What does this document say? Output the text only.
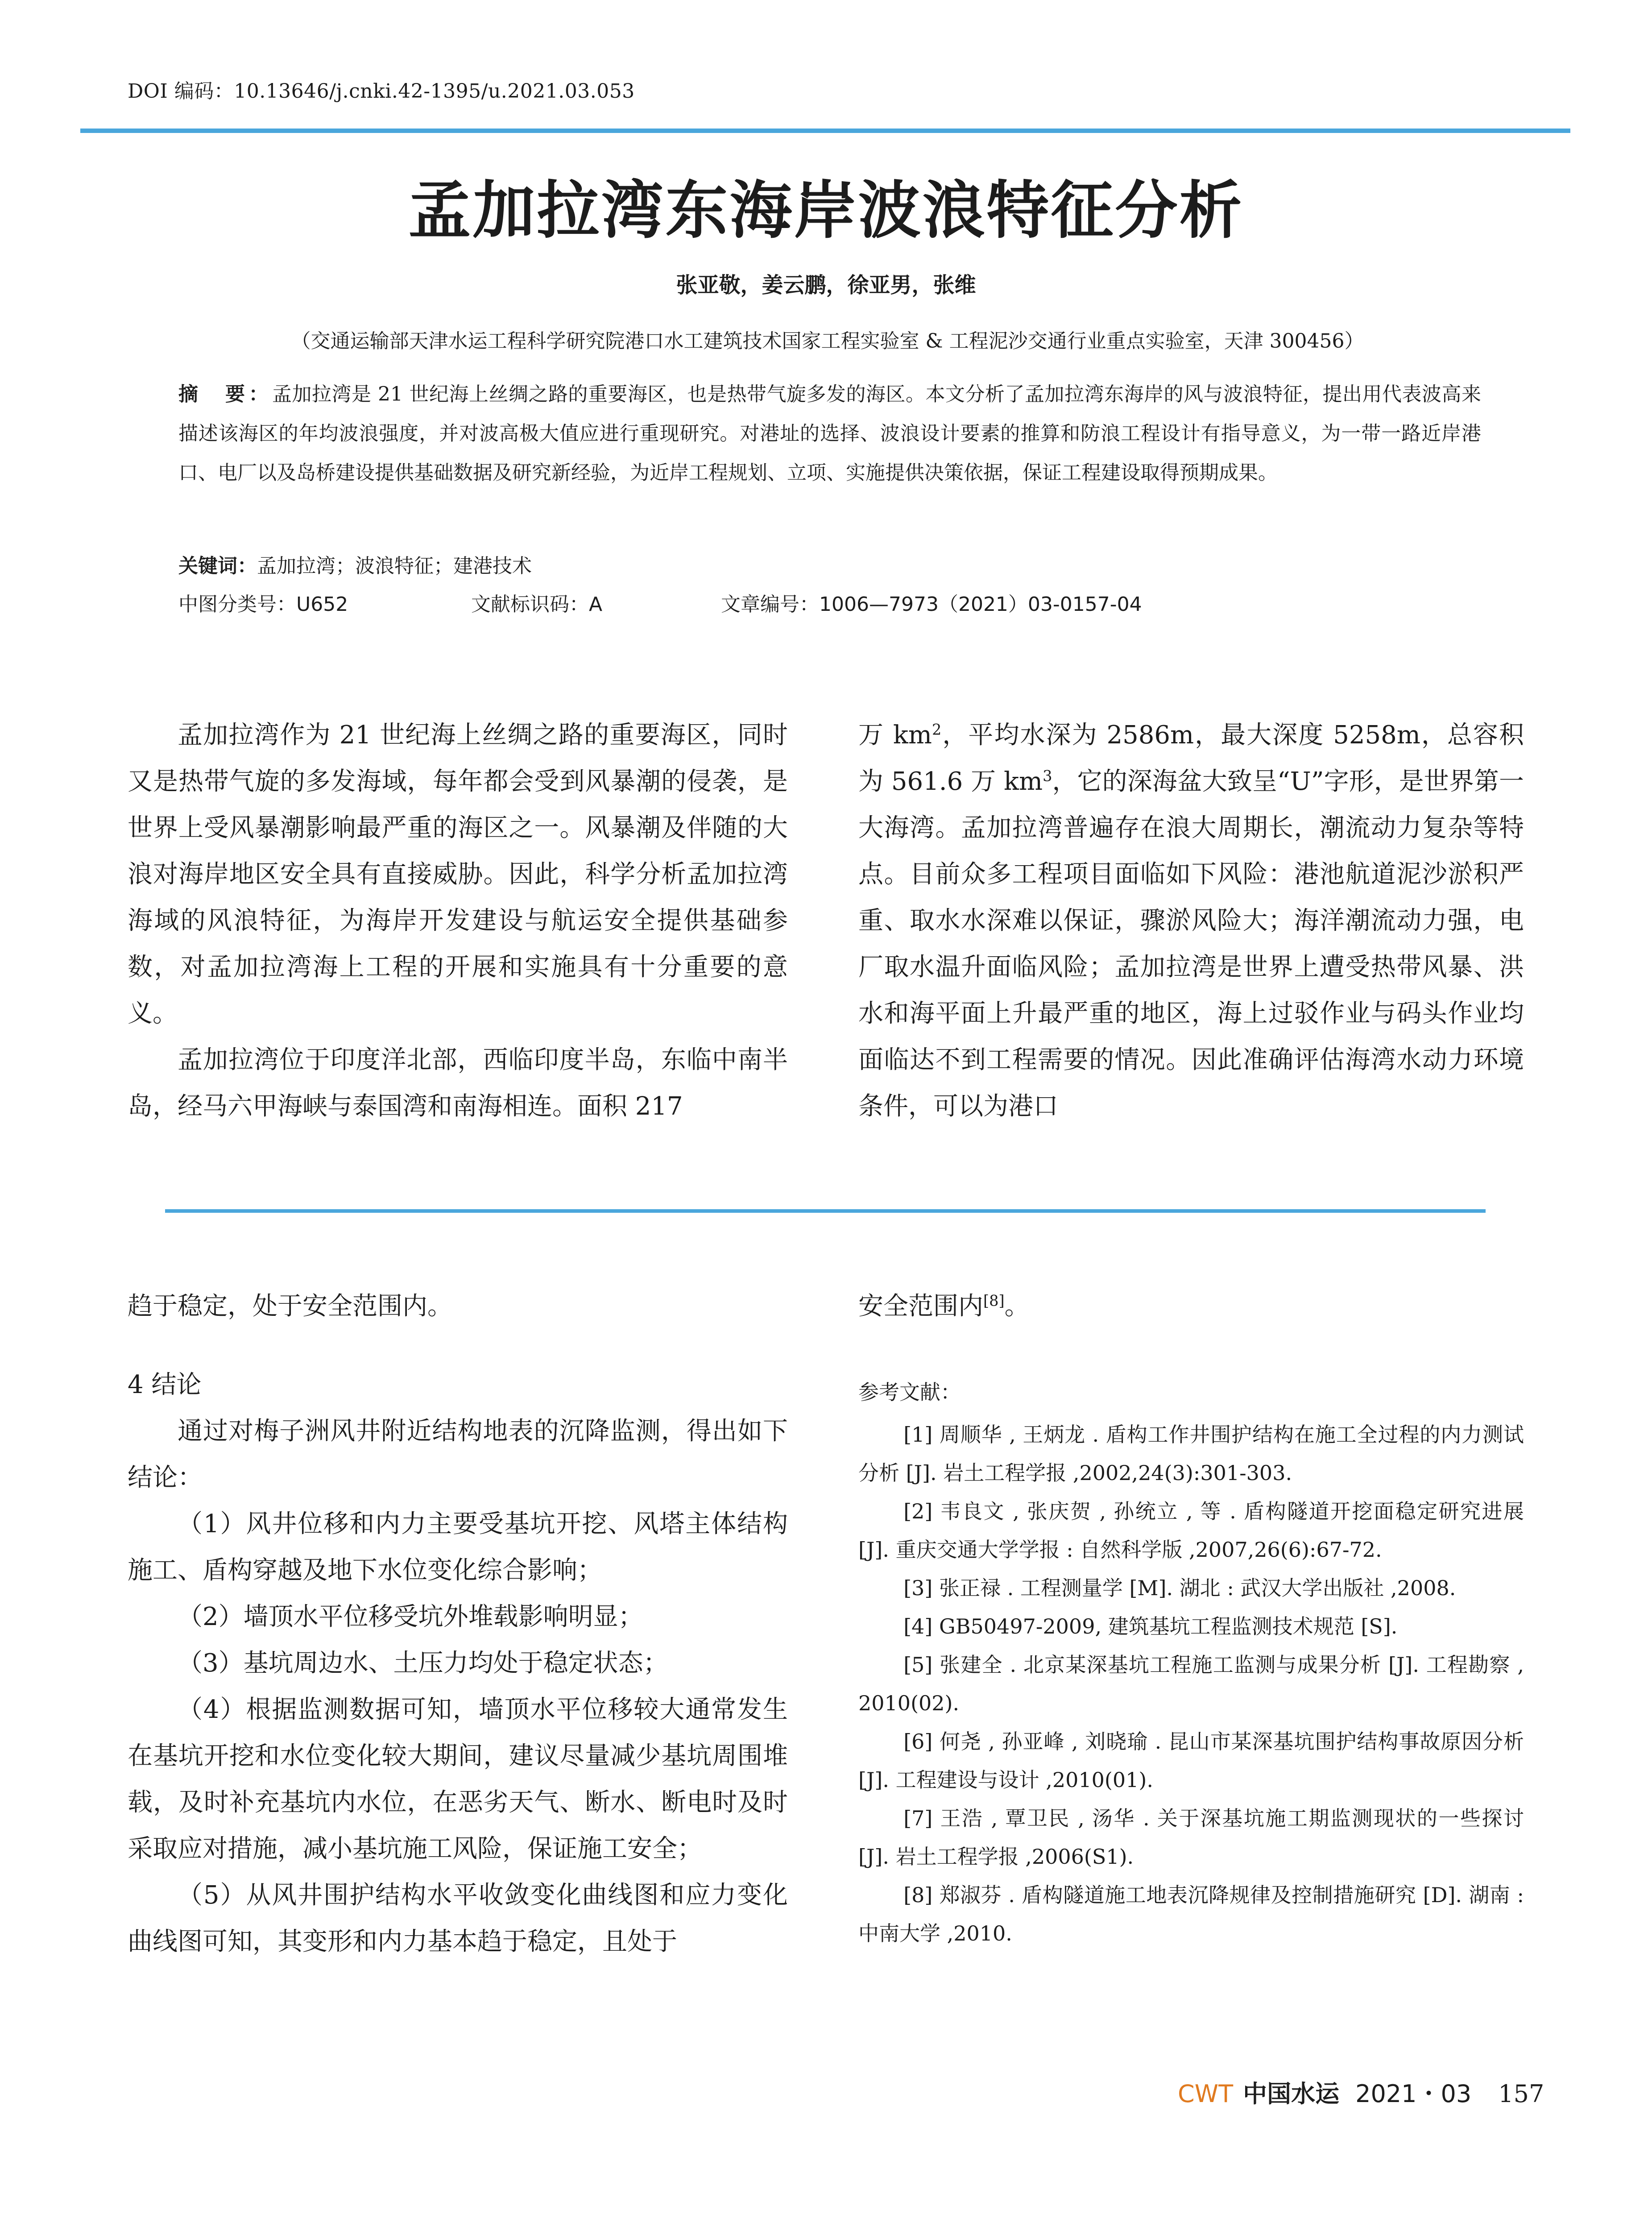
DOI 编码：10.13646/j.cnki.42-1395/u.2021.03.053
孟加拉湾东海岸波浪特征分析
张亚敬，姜云鹏，徐亚男，张维
（交通运输部天津水运工程科学研究院港口水工建筑技术国家工程实验室 & 工程泥沙交通行业重点实验室，天津 300456）
摘　要：孟加拉湾是 21 世纪海上丝绸之路的重要海区，也是热带气旋多发的海区。本文分析了孟加拉湾东海岸的风与波浪特征，提出用代表波高来描述该海区的年均波浪强度，并对波高极大值应进行重现研究。对港址的选择、波浪设计要素的推算和防浪工程设计有指导意义，为一带一路近岸港口、电厂以及岛桥建设提供基础数据及研究新经验，为近岸工程规划、立项、实施提供决策依据，保证工程建设取得预期成果。
关键词：孟加拉湾；波浪特征；建港技术
中图分类号：U652	文献标识码：A	文章编号：1006—7973（2021）03-0157-04

孟加拉湾作为 21 世纪海上丝绸之路的重要海区，同时又是热带气旋的多发海域，每年都会受到风暴潮的侵袭，是世界上受风暴潮影响最严重的海区之一。风暴潮及伴随的大浪对海岸地区安全具有直接威胁。因此，科学分析孟加拉湾海域的风浪特征，为海岸开发建设与航运安全提供基础参数，对孟加拉湾海上工程的开展和实施具有十分重要的意义。

孟加拉湾位于印度洋北部，西临印度半岛，东临中南半岛，经马六甲海峡与泰国湾和南海相连。面积 217

万 $km^2$，平均水深为 2586m，最大深度 5258m，总容积为 561.6 万 $km^3$，它的深海盆大致呈“U”字形，是世界第一大海湾。孟加拉湾普遍存在浪大周期长，潮流动力复杂等特点。目前众多工程项目面临如下风险：港池航道泥沙淤积严重、取水水深难以保证，骤淤风险大；海洋潮流动力强，电厂取水温升面临风险；孟加拉湾是世界上遭受热带风暴、洪水和海平面上升最严重的地区，海上过驳作业与码头作业均面临达不到工程需要的情况。因此准确评估海湾水动力环境条件，可以为港口

趋于稳定，处于安全范围内。

4 结论

通过对梅子洲风井附近结构地表的沉降监测，得出如下结论：

（1）风井位移和内力主要受基坑开挖、风塔主体结构施工、盾构穿越及地下水位变化综合影响；

（2）墙顶水平位移受坑外堆载影响明显；

（3）基坑周边水、土压力均处于稳定状态；

（4）根据监测数据可知，墙顶水平位移较大通常发生在基坑开挖和水位变化较大期间，建议尽量减少基坑周围堆载，及时补充基坑内水位，在恶劣天气、断水、断电时及时采取应对措施，减小基坑施工风险，保证施工安全；

（5）从风井围护结构水平收敛变化曲线图和应力变化曲线图可知，其变形和内力基本趋于稳定，且处于

安全范围内[8]。

参考文献：

[1] 周顺华 , 王炳龙 . 盾构工作井围护结构在施工全过程的内力测试分析 [J]. 岩土工程学报 ,2002,24(3):301-303.

[2] 韦良文 , 张庆贺 , 孙统立 , 等 . 盾构隧道开挖面稳定研究进展 [J]. 重庆交通大学学报 : 自然科学版 ,2007,26(6):67-72.

[3] 张正禄 . 工程测量学 [M]. 湖北 : 武汉大学出版社 ,2008.

[4] GB50497-2009, 建筑基坑工程监测技术规范 [S].

[5] 张建全 . 北京某深基坑工程施工监测与成果分析 [J]. 工程勘察 , 2010(02).

[6] 何尧 , 孙亚峰 , 刘晓瑜 . 昆山市某深基坑围护结构事故原因分析 [J]. 工程建设与设计 ,2010(01).

[7] 王浩 , 覃卫民 , 汤华 . 关于深基坑施工期监测现状的一些探讨 [J]. 岩土工程学报 ,2006(S1).

[8] 郑淑芬 . 盾构隧道施工地表沉降规律及控制措施研究 [D]. 湖南 : 中南大学 ,2010.

CWT 中国水运 2021・03 157
